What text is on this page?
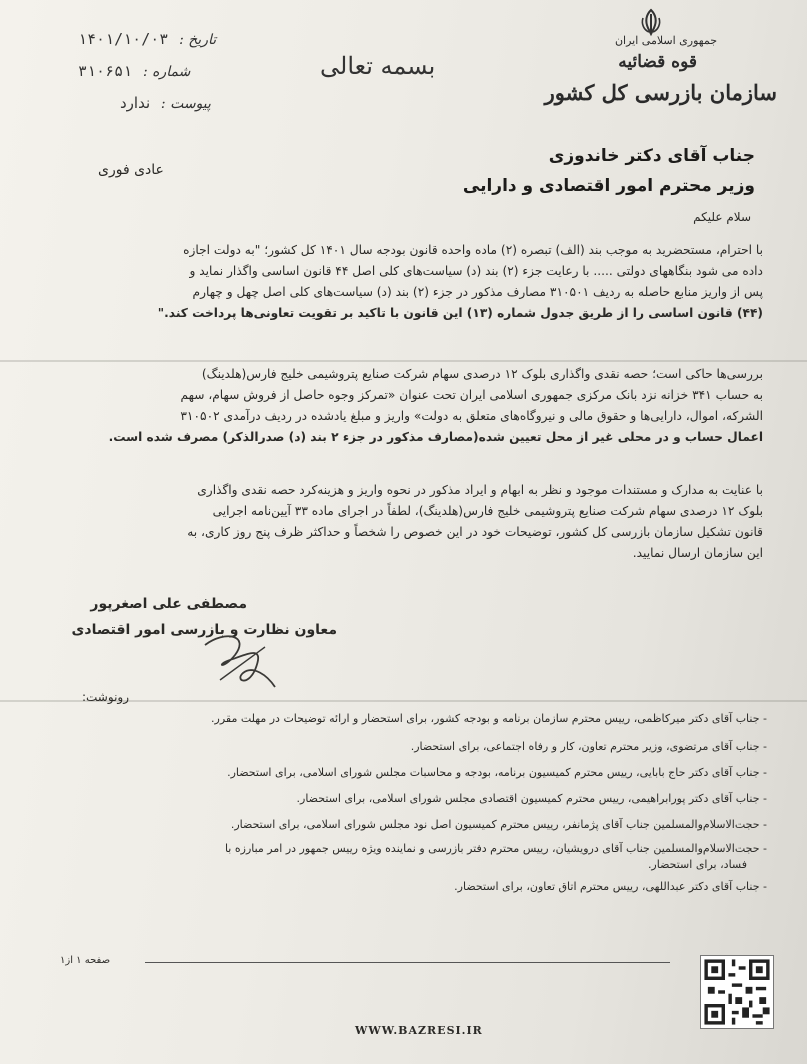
جمهوری اسلامی ایران
قوه قضائیه
سازمان بازرسی کل کشور
بسمه تعالی
تاریخ : ۱۴۰۱/۱۰/۰۳
شماره : ۳۱۰۶۵۱
پیوست : ندارد
عادی فوری
جناب آقای دکتر خاندوزی
وزیر محترم امور اقتصادی و دارایی
سلام علیکم
با احترام، مستحضرید به موجب بند (الف) تبصره (۲) ماده واحده قانون بودجه سال ۱۴۰۱ کل کشور؛ "به دولت اجازه
داده می شود بنگاههای دولتی ..... با رعایت جزء (۲) بند (د) سیاست‌های کلی اصل ۴۴ قانون اساسی واگذار نماید و
پس از واریز منابع حاصله به ردیف ۳۱۰۵۰۱ مصارف مذکور در جزء (۲) بند (د) سیاست‌های کلی اصل چهل و چهارم
(۴۴) قانون اساسی را از طریق جدول شماره (۱۳) این قانون با تاکید بر تقویت تعاونی‌ها پرداخت کند."
بررسی‌ها حاکی است؛ حصه نقدی واگذاری بلوک ۱۲ درصدی سهام شرکت صنایع پتروشیمی خلیج فارس(هلدینگ)
به حساب ۳۴۱ خزانه نزد بانک مرکزی جمهوری اسلامی ایران تحت عنوان «تمرکز وجوه حاصل از فروش سهام، سهم
الشرکه، اموال، دارایی‌ها و حقوق مالی و نیروگاه‌های متعلق به دولت» واریز و مبلغ یادشده در ردیف درآمدی ۳۱۰۵۰۲
اعمال حساب و در محلی غیر از محل تعیین شده(مصارف مذکور در جزء ۲ بند (د) صدرالذکر) مصرف شده است.
با عنایت به مدارک و مستندات موجود و نظر به ابهام و ایراد مذکور در نحوه واریز و هزینه‌کرد حصه نقدی واگذاری
بلوک ۱۲ درصدی سهام شرکت صنایع پتروشیمی خلیج فارس(هلدینگ)، لطفاً در اجرای ماده ۳۳ آیین‌نامه اجرایی
قانون تشکیل سازمان بازرسی کل کشور، توضیحات خود در این خصوص را شخصاً و حداکثر ظرف پنج روز کاری، به
این سازمان ارسال نمایید.
مصطفی علی اصغرپور
معاون نظارت و بازرسی امور اقتصادی
رونوشت:
- جناب آقای دکتر میرکاظمی، رییس محترم سازمان برنامه و بودجه کشور، برای استحضار و ارائه توضیحات در مهلت مقرر.
- جناب آقای مرتضوی، وزیر محترم تعاون، کار و رفاه اجتماعی، برای استحضار.
- جناب آقای دکتر حاج بابایی، رییس محترم کمیسیون برنامه، بودجه و محاسبات مجلس شورای اسلامی، برای استحضار.
- جناب آقای دکتر پورابراهیمی، رییس محترم کمیسیون اقتصادی مجلس شورای اسلامی، برای استحضار.
- حجت‌الاسلام‌والمسلمین جناب آقای پژمانفر، رییس محترم کمیسیون اصل نود مجلس شورای اسلامی، برای استحضار.
- حجت‌الاسلام‌والمسلمین جناب آقای درویشیان، رییس محترم دفتر بازرسی و نماینده ویژه رییس جمهور در امر مبارزه با
فساد، برای استحضار.
- جناب آقای دکتر عبداللهی، رییس محترم اتاق تعاون، برای استحضار.
صفحه ۱ از۱
WWW.BAZRESI.IR
